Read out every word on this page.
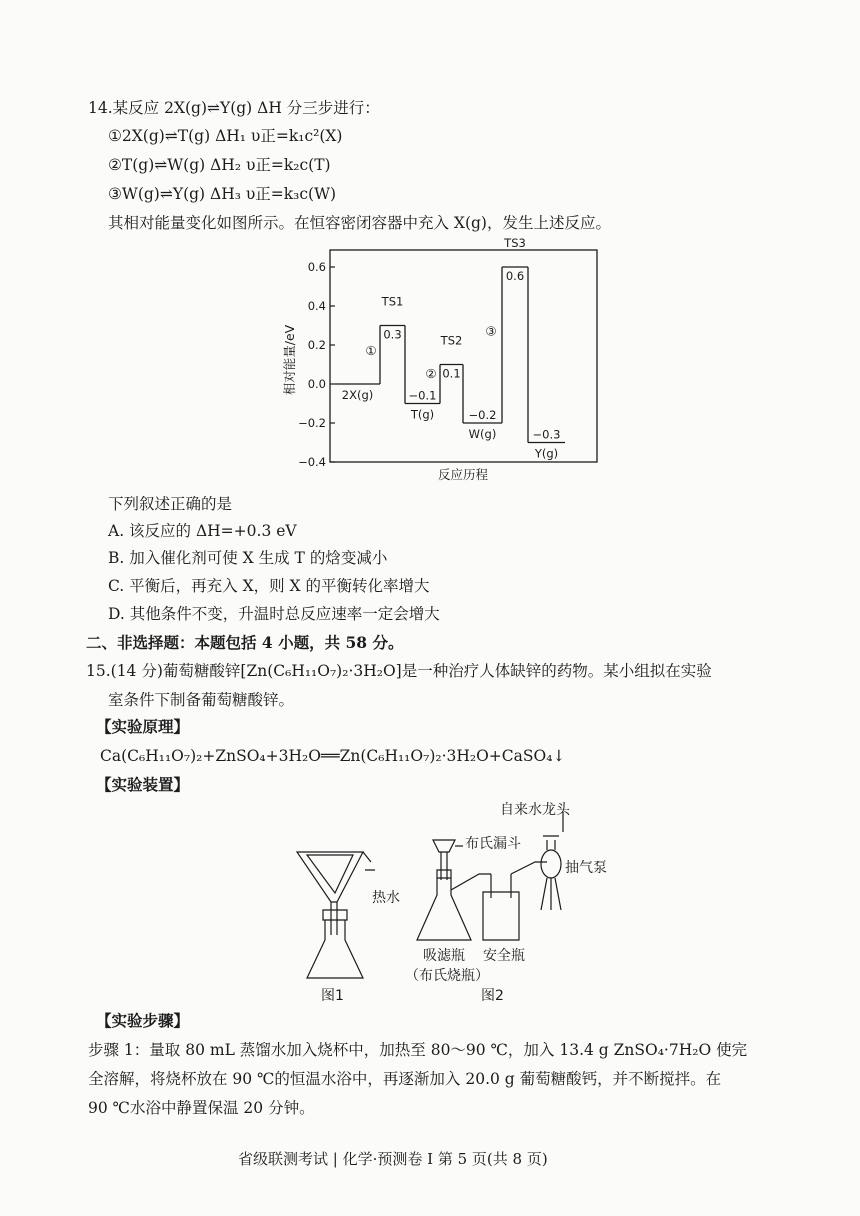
14.某反应 2X(g)⇌Y(g) ΔH 分三步进行：
①2X(g)⇌T(g) ΔH₁ υ正=k₁c²(X)
②T(g)⇌W(g) ΔH₂ υ正=k₂c(T)
③W(g)⇌Y(g) ΔH₃ υ正=k₃c(W)
其相对能量变化如图所示。在恒容密闭容器中充入 X(g)，发生上述反应。
0.6
0.4
0.2
0.0
−0.2
−0.4
相对能量/eV	2X(g)
TS1
0.3
T(g)
−0.1
TS2
0.1
W(g)
−0.2
TS3
0.6
Y(g)
−0.3
①
②
③
反应历程
下列叙述正确的是
A. 该反应的 ΔH=+0.3 eV
B. 加入催化剂可使 X 生成 T 的焓变减小
C. 平衡后，再充入 X，则 X 的平衡转化率增大
D. 其他条件不变，升温时总反应速率一定会增大
二、非选择题：本题包括 4 小题，共 58 分。
15.(14 分)葡萄糖酸锌[Zn(C₆H₁₁O₇)₂·3H₂O]是一种治疗人体缺锌的药物。某小组拟在实验
室条件下制备葡萄糖酸锌。
【实验原理】
Ca(C₆H₁₁O₇)₂+ZnSO₄+3H₂O══Zn(C₆H₁₁O₇)₂·3H₂O+CaSO₄↓
【实验装置】
热水
自来水龙头
布氏漏斗
抽气泵
吸滤瓶
（布氏烧瓶）
安全瓶
图1	图2
【实验步骤】
步骤 1：量取 80 mL 蒸馏水加入烧杯中，加热至 80～90 ℃，加入 13.4 g ZnSO₄·7H₂O 使完
全溶解，将烧杯放在 90 ℃的恒温水浴中，再逐渐加入 20.0 g 葡萄糖酸钙，并不断搅拌。在
90 ℃水浴中静置保温 20 分钟。
省级联测考试 | 化学·预测卷 I 第 5 页(共 8 页)
